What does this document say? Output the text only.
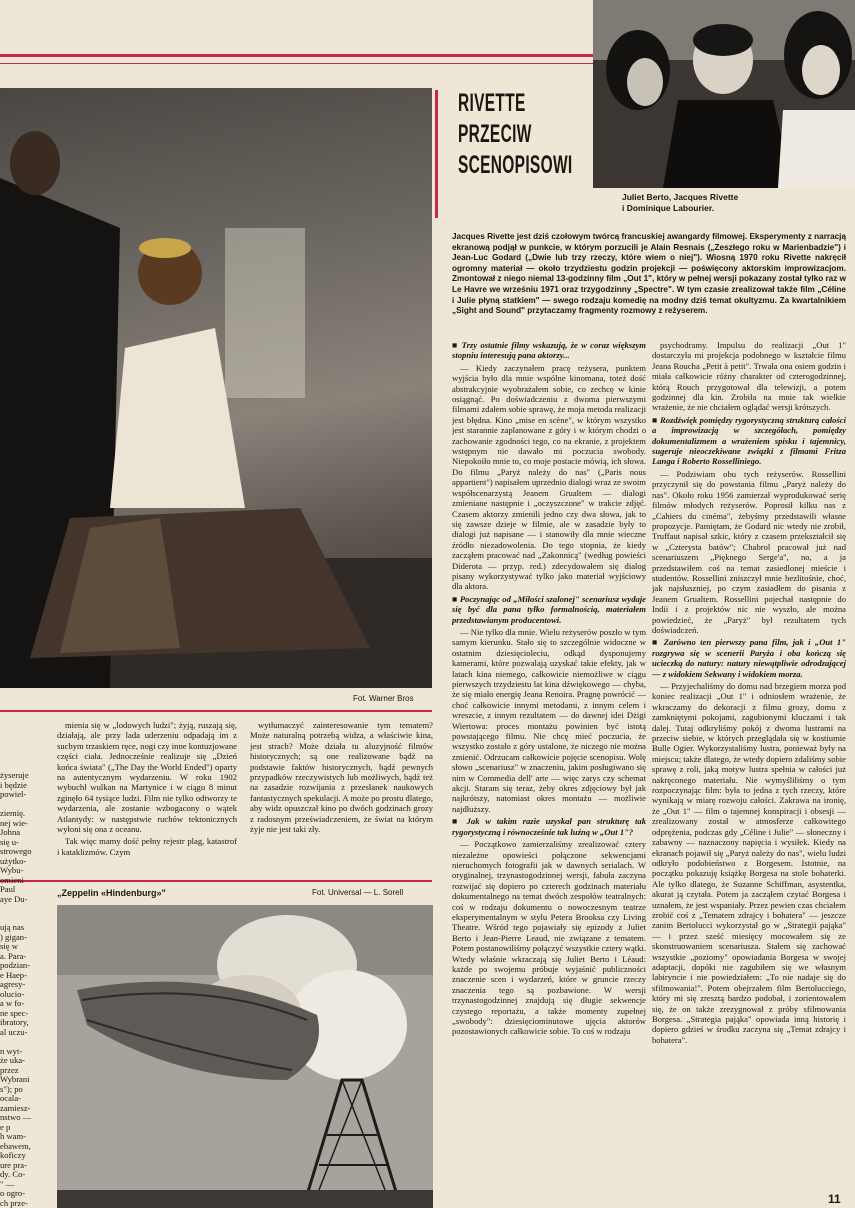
Fot. Warner Bros
Juliet Berto, Jacques Rivette
i Dominique Labourier.
RIVETTE
PRZECIW
SCENOPISOWI
Jacques Rivette jest dziś czołowym twórcą francuskiej awangardy filmowej. Eksperymenty z narracją ekranową podjął w punkcie, w którym porzucili je Alain Resnais („Zeszłego roku w Marienbadzie") i Jean-Luc Godard („Dwie lub trzy rzeczy, które wiem o niej"). Wiosną 1970 roku Rivette nakręcił ogromny materiał — około trzydziestu godzin projekcji — poświęcony aktorskim improwizacjom. Zmontował z niego niemal 13-godzinny film „Out 1", który w pełnej wersji pokazany został tylko raz w Le Havre we wrześniu 1971 oraz trzygodzinny „Spectre". W tym czasie zrealizował także film „Céline i Julie płyną statkiem" — swego rodzaju komedię na modny dziś temat okultyzmu. Za kwartalnikiem „Sight and Sound" przytaczamy fragmenty rozmowy z reżyserem.

■ Trzy ostatnie filmy wskazują, że w coraz większym stopniu interesują pana aktorzy...

— Kiedy zaczynałem pracę reżysera, punktem wyjścia było dla mnie wspólne kinomana, toteż dość abstrakcyjnie wyobrażałem sobie, co zechcę w kinie osiągnąć. Po doświadczeniu z dwoma pierwszymi filmami zdałem sobie sprawę, że moja metoda realizacji jest błędna. Kino „mise en scène", w którym wszystko jest starannie zaplanowane z góry i w którym chodzi o zachowanie zgodności tego, co na ekranie, z projektem wstępnym nie dawało mi poczucia swobody. Niepokoiło mnie to, co moje postacie mówią, ich słowa. Do filmu „Paryż należy do nas" („Paris nous appartient") napisałem uprzednio dialogi wraz ze swoim współscenarzystą Jeanem Grualtem — dialogi zmieniane następnie i „oczyszczone" w trakcie zdjęć. Czasem aktorzy zmienili jedno czy dwa słowa, jak to się zawsze dzieje w filmie, ale w zasadzie były to dialogi już napisane — i stanowiły dla mnie wieczne źródło niezadowolenia. Do tego stopnia, że kiedy zacząłem pracować nad „Zakonnicą" (według powieści Diderota — przyp. red.) zdecydowałem się dialog pisany wykorzystywać tylko jako materiał wyjściowy dla aktora.

■ Poczynając od „Miłości szalonej" scenariusz wydaje się być dla pana tylko formalnością, materiałem przedstawianym producentowi.

— Nie tylko dla mnie. Wielu reżyserów poszło w tym samym kierunku. Stało się to szczególnie widoczne w ostatnim dziesięcioleciu, odkąd dysponujemy kamerami, które pozwalają uzyskać takie efekty, jak w latach kina niemego, całkowicie niemożliwe w ciągu pierwszych trzydziestu lat kina dźwiękowego — chyba, że się miało energię Jeana Renoira. Pragnę powrócić — choć całkowicie innymi metodami, z innym celem i wreszcie, z innym rezultatem — do dawnej idei Dżigi Wiertowa: proces montażu powinien być istotą powstającego filmu. Nie chcę mieć poczucia, że wszystko zostało z góry ustalone, że niczego nie można zmienić. Odrzucam całkowicie pojęcie scenopisu. Wolę słowo „scenariusz" w znaczeniu, jakim posługiwano się nim w Commedia dell' arte — więc zarys czy schemat akcji. Staram się teraz, żeby okres zdjęciowy był jak najkrótszy, natomiast okres montażu — możliwie najdłuższy.

■ Jak w takim razie uzyskał pan strukturę tak rygorystyczną i równocześnie tak luźną w „Out 1"?

— Początkowo zamierzaliśmy zrealizować cztery niezależne opowieści połączone sekwencjami nieruchomych fotografii jak w dawnych serialach. W oryginalnej, trzynastogodzinnej wersji, fabuła zaczyna rozwijać się dopiero po czterech godzinach materiału dokumentalnego na temat dwóch zespołów teatralnych: coś w rodzaju dokumentu o nowoczesnym teatrze eksperymentalnym w stylu Petera Brooksa czy Living Theatre. Wśród tego pojawiały się epizody z Juliet Berto i Jean-Pierre Leaud, nie związane z tematem. Potem postanowiliśmy połączyć wszystkie cztery wątki. Wtedy właśnie wkraczają się Juliet Berto i Léaud: każde po swojemu próbuje wyjaśnić publiczności znaczenie scen i wydarzeń, które w gruncie rzeczy znaczenia tego są pozbawione. W wersji trzynastogodzinnej znajdują się długie sekwencje czystego reportażu, a także momenty zupełnej „swobody": dziesięciominutowe ujęcia aktorów pozostawionych całkowicie sobie. To coś w rodzaju

psychodramy. Impulsu do realizacji „Out 1" dostarczyła mi projekcja podobnego w kształcie filmu Jeana Roucha „Petit à petit". Trwała ona osiem godzin i miała całkowicie różny charakter od czterogodzinnej, którą Rouch przygotował dla telewizji, a potem godzinnej dla kin. Zrobiła na mnie tak wielkie wrażenie, że nie chciałem oglądać wersji krótszych.

■ Rozdźwięk pomiędzy rygorystyczną strukturą całości a improwizacją w szczegółach, pomiędzy dokumentalizmem a wrażeniem spisku i tajemnicy, sugeruje nieoczekiwane związki z filmami Fritza Langa i Roberto Rosselliniego.

— Podziwiam obu tych reżyserów. Rossellini przyczynił się do powstania filmu „Paryż należy do nas". Około roku 1956 zamierzał wyprodukować serię filmów młodych reżyserów. Poprosił kilku nas z „Cahiers du cinéma", żebyśmy przedstawili własne propozycje. Pamiętam, że Godard nic wtedy nie zrobił, Truffaut napisał szkic, który z czasem przekształcił się w „Czterysta batów"; Chabrol pracował już nad scenariuszem „Pięknego Serge'a", no, a ja przedstawiłem coś na temat zasiedlonej mieście i studentów. Rossellini zniszczył mnie bezlitośnie, choć, jak najsłuszniej, po czym zasiadłem do pisania z Jeanem Grualtem. Rossellini pojechał następnie do Indii i z projektów nic nie wyszło, ale można powiedzieć, że „Paryż" był rezultatem tych doświadczeń.

■ Zarówno ten pierwszy pana film, jak i „Out 1" rozgrywa się w scenerii Paryża i oba kończą się ucieczką do natury: natury niewątpliwie odrodzającej — z widokiem Sekwany i widokiem morza.

— Przyjechaliśmy do domu nad brzegiem morza pod koniec realizacji „Out 1" i odniosłem wrażenie, że wkraczamy do dekoracji z filmu grozy, domu z zamkniętymi pokojami, zagubionymi kluczami i tak dalej. Tutaj odkryliśmy pokój z dwoma lustrami na przeciw siebie, w których przeglądała się w kostiumie Bulle Ogier. Wykorzystaliśmy lustra, ponieważ były na miejscu; także dlatego, że wtedy dopiero zdaliśmy sobie sprawę z roli, jaką motyw lustra spełnia w całości już nakręconego materiału. Nie wymyśliliśmy o tym rozpoczynając film: była to jedna z tych rzeczy, które wynikają w miarę rozwoju całości. Zakrawa na ironię, że „Out 1" — film o tajemnej konspiracji i obsesji — zrealizowany został w atmosferze całkowitego odprężenia, podczas gdy „Céline i Julie" — słoneczny i zabawny — naznaczony napięcia i wysiłek. Kiedy na ekranach pojawił się „Paryż należy do nas", wielu ludzi odkryło podobieństwo z Borgesem. Istotnie, na początku pokazuję książkę Borgesa na stole bohaterki. Ale tylko dlatego, że Suzanne Schiffman, asystentka, akurat ją czytała. Potem ja zacząłem czytać Borgesa i uznałem, że jest wspaniały. Przez pewien czas chciałem zrobić coś z „Tematem zdrajcy i bohatera" — jeszcze zanim Bertolucci wykorzystał go w „Strategii pająka" — i przez sześć miesięcy mocowałem się ze skonstruowaniem scenariusza. Stałem się zachować wszystkie „poziomy" opowiadania Borgesa w swojej adaptacji, dopóki nie zagubiłem się we własnym labiryncie i nie powiedziałem: „To nie nadaje się do sfilmowania!". Potem obejrzałem film Bertolucciego, który mi się zresztą bardzo podobał, i zorientowałem się, że on także zrezygnował z próby sfilmowania Borgesa. „Strategia pająka" opowiada inną historię i dopiero gdzieś w środku zaczyna się „Temat zdrajcy i bohatera".

mienia się w „lodowych ludzi"; żyją, ruszają się, działają, ale przy lada uderzeniu odpadają im z suchym trzaskiem ręce, nogi czy inne kontuzjowane części ciała. Jednocześnie realizuje się „Dzień końca świata" („The Day the World Ended") oparty na autentycznym wydarzeniu. W roku 1902 wybuchł wulkan na Martynice i w ciągu 8 minut zginęło 64 tysiące ludzi. Film nie tylko odtworzy te wydarzenia, ale zostanie wzbogacony o wątek Atlantydy: w następstwie ruchów tektonicznych wyłoni się ona z oceanu.

Tak więc mamy dość pełny rejestr plag, katastrof i kataklizmów. Czym

wytłumaczyć zainteresowanie tym tematem? Może naturalną potrzebą widza, a właściwie kina, jest strach? Może działa tu aluzyjność filmów historycznych; są one realizowane bądź na podstawie faktów historycznych, bądź pewnych przypadków rzeczywistych lub możliwych, bądź też na zasadzie rozwijania z przesłanek naukowych fantastycznych spekulacji. A może po prostu dlatego, aby widz opuszczał kino po dwóch godzinach grozy z radosnym przeświadczeniem, że świat na którym żyje nie jest taki zły.

żyseruje
i będzie
powiel-
ziemię.
nej wie-
Johna
się u-
strowego
użytko-
Wybu-
omieni
Paul
aye Du-
ują nas
) gigan-
się w
a. Para-
podzian-
e Haep-
agresy-
olucio-
a w fo-
ne spec-
ibratory,
al uczu-
n wyt-
że uka-
przez
Wybrani
s"); po
ocala-
zamiesz-
nstwo —
e p
h wam-
ebawem,
koficzy
ure pra-
dy. Co-
" —
o ogro-
ch prze-
„Zeppelin «Hindenburg»"	Fot. Universal — L. Sorell
11
